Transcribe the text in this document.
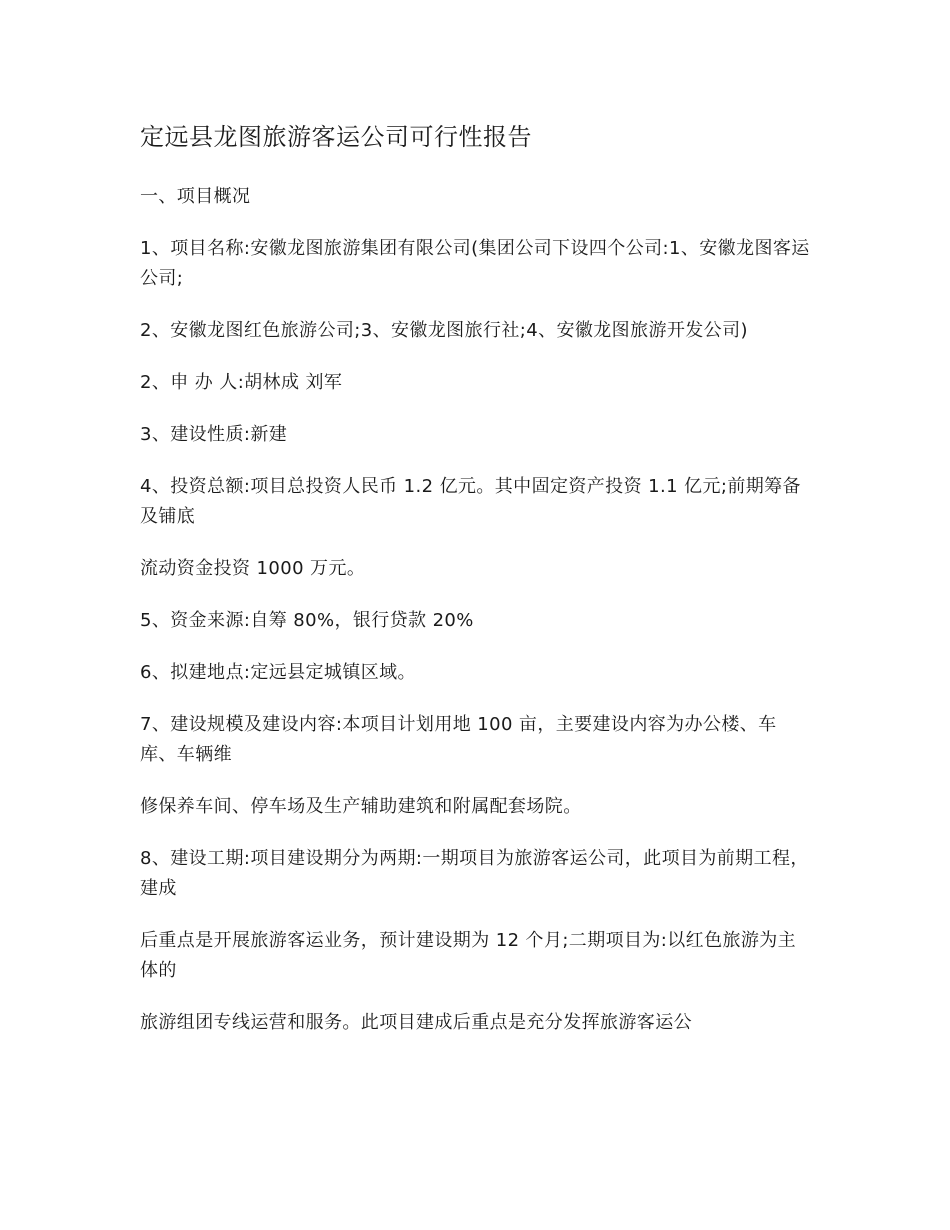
定远县龙图旅游客运公司可行性报告

一、项目概况

1、项目名称:安徽龙图旅游集团有限公司(集团公司下设四个公司:1、安徽龙图客运公司;

2、安徽龙图红色旅游公司;3、安徽龙图旅行社;4、安徽龙图旅游开发公司)

2、申 办 人:胡林成 刘军

3、建设性质:新建

4、投资总额:项目总投资人民币 1.2 亿元。其中固定资产投资 1.1 亿元;前期筹备及铺底

流动资金投资 1000 万元。

5、资金来源:自筹 80%，银行贷款 20%

6、拟建地点:定远县定城镇区域。

7、建设规模及建设内容:本项目计划用地 100 亩，主要建设内容为办公楼、车库、车辆维

修保养车间、停车场及生产辅助建筑和附属配套场院。

8、建设工期:项目建设期分为两期:一期项目为旅游客运公司，此项目为前期工程，建成

后重点是开展旅游客运业务，预计建设期为 12 个月;二期项目为:以红色旅游为主体的

旅游组团专线运营和服务。此项目建成后重点是充分发挥旅游客运公
